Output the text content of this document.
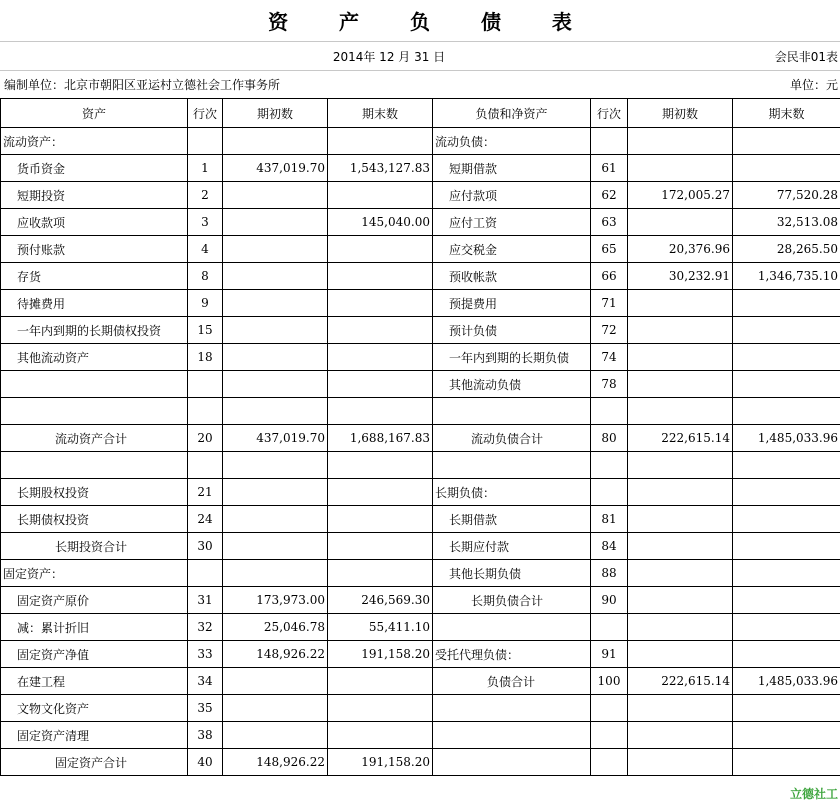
资 产 负 债 表
2014年 12 月 31 日	会民非01表
编制单位：北京市朝阳区亚运村立德社会工作事务所	单位：元
资产	行次	期初数	期末数	负债和净资产	行次	期初数	期末数
流动资产：				流动负债：			
货币资金	1	437,019.70	1,543,127.83	短期借款	61		
短期投资	2			应付款项	62	172,005.27	77,520.28
应收款项	3		145,040.00	应付工资	63		32,513.08
预付账款	4			应交税金	65	20,376.96	28,265.50
存货	8			预收帐款	66	30,232.91	1,346,735.10
待摊费用	9			预提费用	71		
一年内到期的长期债权投资	15			预计负债	72		
其他流动资产	18			一年内到期的长期负债	74		
				其他流动负债	78		

流动资产合计	20	437,019.70	1,688,167.83	流动负债合计	80	222,615.14	1,485,033.96

长期股权投资	21			长期负债：			
长期债权投资	24			长期借款	81		
长期投资合计	30			长期应付款	84		
固定资产：				其他长期负债	88		
固定资产原价	31	173,973.00	246,569.30	长期负债合计	90		
减：累计折旧	32	25,046.78	55,411.10				
固定资产净值	33	148,926.22	191,158.20	受托代理负债：	91		
在建工程	34			负债合计	100	222,615.14	1,485,033.96
文物文化资产	35						
固定资产清理	38						
固定资产合计	40	148,926.22	191,158.20				
立德社工
